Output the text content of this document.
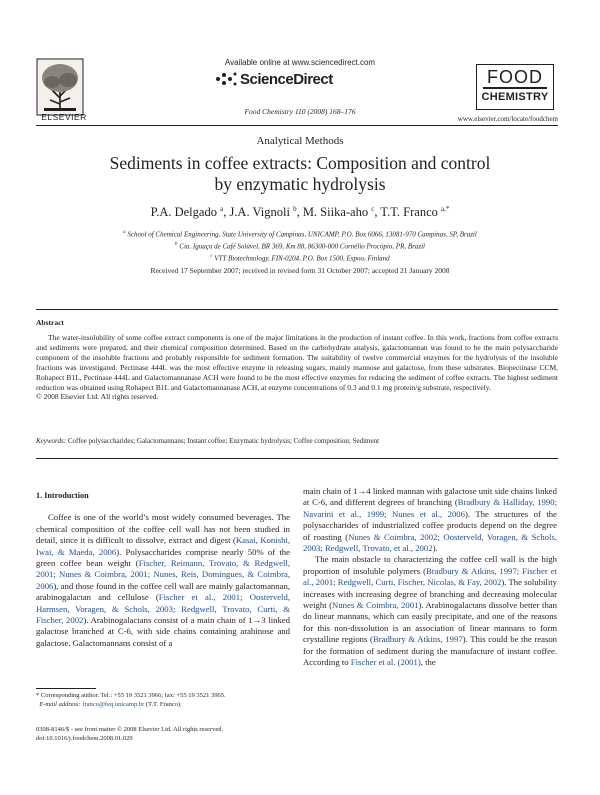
ELSEVIER
Available online at www.sciencedirect.com
ScienceDirect
Food Chemistry 110 (2008) 168–176
FOOD
CHEMISTRY
www.elsevier.com/locate/foodchem
Analytical Methods
Sediments in coffee extracts: Composition and control
by enzymatic hydrolysis
P.A. Delgado $^a$, J.A. Vignoli $^b$, M. Siika-aho $^c$, T.T. Franco $^{a,*}$
$^a$ School of Chemical Engineering, State University of Campinas, UNICAMP, P.O. Box 6066, 13081-970 Campinas, SP, Brazil
$^b$ Cia. Iguaçu de Café Solúvel, BR 369, Km 88, 86300-000 Cornélio Procópio, PR, Brazil
$^c$ VTT Biotechnology, FIN-0204, P.O. Box 1500, Espoo, Finland
Received 17 September 2007; received in revised form 31 October 2007; accepted 21 January 2008
Abstract

The water-insolubility of some coffee extract components is one of the major limitations in the production of instant coffee. In this work, fractions from coffee extracts and sediments were prepared, and their chemical composition determined. Based on the carbohydrate analysis, galactomannan was found to be the main polysaccharide component of the insoluble fractions and probably responsible for sediment formation. The suitability of twelve commercial enzymes for the hydrolysis of the insoluble fractions was investigated. Pectinase 444L was the most effective enzyme in releasing sugars, mainly mannose and galactose, from these substrates. Biopectinase CCM, Rohapect B1L, Pectinase 444L and Galactomannanase ACH were found to be the most effective enzymes for reducing the sediment of coffee extracts. The highest sediment reduction was obtained using Rohapect B1L and Galactomannanase ACH, at enzyme concentrations of 0.3 and 0.1 mg protein/g substrate, respectively.

© 2008 Elsevier Ltd. All rights reserved.

Keywords: Coffee polysaccharides; Galactomannans; Instant coffee; Enzymatic hydrolysis; Coffee composition; Sediment
1. Introduction

Coffee is one of the world’s most widely consumed beverages. The chemical composition of the coffee cell wall has not been studied in detail, since it is difficult to dissolve, extract and digest (Kasai, Konishi, Iwai, & Maeda, 2006). Polysaccharides comprise nearly 50% of the green coffee bean weight (Fischer, Reimann, Trovato, & Redgwell, 2001; Nunes & Coimbra, 2001; Nunes, Reis, Domingues, & Coimbra, 2006), and those found in the coffee cell wall are mainly galactomannan, arabinogalactan and cellulose (Fischer et al., 2001; Oosterveld, Harmsen, Voragen, & Schols, 2003; Redgwell, Trovato, Curti, & Fischer, 2002). Arabinogalactans consist of a main chain of 1→3 linked galactose branched at C-6, with side chains containing arabinose and galactose. Galactomannans consist of a

main chain of 1→4 linked mannan with galactose unit side chains linked at C-6, and different degrees of branching (Bradbury & Halliday, 1990; Navarini et al., 1999; Nunes et al., 2006). The structures of the polysaccharides of industrialized coffee products depend on the degree of roasting (Nunes & Coimbra, 2002; Oosterveld, Voragen, & Schols, 2003; Redgwell, Trovato, et al., 2002).

The main obstacle to characterizing the coffee cell wall is the high proportion of insoluble polymers (Bradbury & Atkins, 1997; Fischer et al., 2001; Redgwell, Curti, Fischer, Nicolas, & Fay, 2002). The solubility increases with increasing degree of branching and decreasing molecular weight (Nunes & Coimbra, 2001). Arabinogalactans dissolve better than do linear mannans, which can easily precipitate, and one of the reasons for this non-dissolution is an association of linear mannans to form crystalline regions (Bradbury & Atkins, 1997). This could be the reason for the formation of sediment during the manufacture of instant coffee. According to Fischer et al. (2001), the

* Corresponding author. Tel.: +55 19 3521 3966; fax: +55 19 3521 3965.
E-mail address: franco@feq.unicamp.br (T.T. Franco).
0308-8146/$ - see front matter © 2008 Elsevier Ltd. All rights reserved.
doi:10.1016/j.foodchem.2008.01.029
